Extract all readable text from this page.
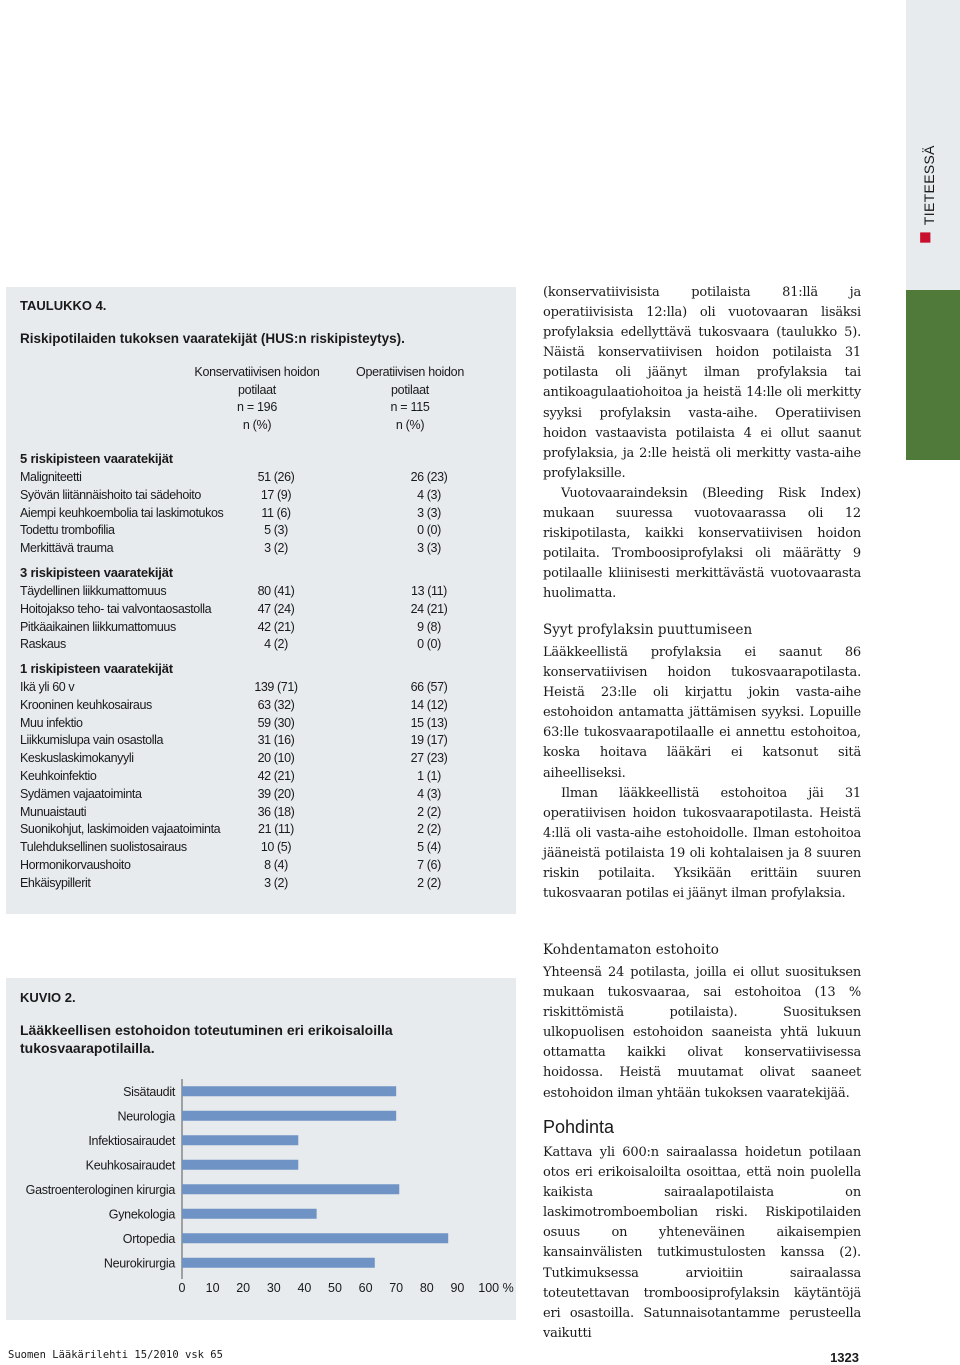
TIETEESSÄ
TAULUKKO 4.
Riskipotilaiden tukoksen vaaratekijät (HUS:n riskipisteytys).
Konservatiivisen hoidon
potilaat
n = 196
n (%)
Operatiivisen hoidon
potilaat
n = 115
n (%)
5 riskipisteen vaaratekijät
Maligniteetti	51 (26)	26 (23)
Syövän liitännäishoito tai sädehoito	17 (9)	4 (3)
Aiempi keuhkoembolia tai laskimotukos	11 (6)	3 (3)
Todettu trombofilia	5 (3)	0 (0)
Merkittävä trauma	3 (2)	3 (3)
3 riskipisteen vaaratekijät
Täydellinen liikkumattomuus	80 (41)	13 (11)
Hoitojakso teho- tai valvontaosastolla	47 (24)	24 (21)
Pitkäaikainen liikkumattomuus	42 (21)	9 (8)
Raskaus	4 (2)	0 (0)
1 riskipisteen vaaratekijät
Ikä yli 60 v	139 (71)	66 (57)
Krooninen keuhkosairaus	63 (32)	14 (12)
Muu infektio	59 (30)	15 (13)
Liikkumislupa vain osastolla	31 (16)	19 (17)
Keskuslaskimokanyyli	20 (10)	27 (23)
Keuhkoinfektio	42 (21)	1 (1)
Sydämen vajaatoiminta	39 (20)	4 (3)
Munuaistauti	36 (18)	2 (2)
Suonikohjut, laskimoiden vajaatoiminta	21 (11)	2 (2)
Tulehduksellinen suolistosairaus	10 (5)	5 (4)
Hormonikorvaushoito	8 (4)	7 (6)
Ehkäisypillerit	3 (2)	2 (2)
KUVIO 2.
Lääkkeellisen estohoidon toteutuminen eri erikoisaloilla
tukosvaarapotilailla.
Sisätaudit
Neurologia
Infektiosairaudet
Keuhkosairaudet
Gastroenterologinen kirurgia
Gynekologia
Ortopedia
Neurokirurgia
0 10 20 30 40 50 60 70 80 90 100 %

(konservatiivisista potilaista 81:llä ja operatiivisista 12:lla) oli vuotovaaran lisäksi profylaksia edellyttävä tukosvaara (taulukko 5). Näistä konservatiivisen hoidon potilaista 31 potilasta oli jäänyt ilman profylaksia tai antikoagulaatiohoitoa ja heistä 14:lle oli merkitty syyksi profylaksin vasta-aihe. Operatiivisen hoidon vastaavista potilaista 4 ei ollut saanut profylaksia, ja 2:lle heistä oli merkitty vasta-aihe profylaksille.

Vuotovaaraindeksin (Bleeding Risk Index) mukaan suuressa vuotovaarassa oli 12 riskipotilasta, kaikki konservatiivisen hoidon potilaita. Tromboosiprofylaksi oli määrätty 9 potilaalle kliinisesti merkittävästä vuotovaarasta huolimatta.

Syyt profylaksin puuttumiseen

Lääkkeellistä profylaksia ei saanut 86 konservatiivisen hoidon tukosvaarapotilasta. Heistä 23:lle oli kirjattu jokin vasta-aihe estohoidon antamatta jättämisen syyksi. Lopuille 63:lle tukosvaarapotilaalle ei annettu estohoitoa, koska hoitava lääkäri ei katsonut sitä aiheelliseksi.

Ilman lääkkeellistä estohoitoa jäi 31 operatiivisen hoidon tukosvaarapotilasta. Heistä 4:llä oli vasta-aihe estohoidolle. Ilman estohoitoa jääneistä potilaista 19 oli kohtalaisen ja 8 suuren riskin potilaita. Yksikään erittäin suuren tukosvaaran potilas ei jäänyt ilman profylaksia.

Kohdentamaton estohoito

Yhteensä 24 potilasta, joilla ei ollut suosituksen mukaan tukosvaaraa, sai estohoitoa (13 % riskittömistä potilaista). Suosituksen ulkopuolisen estohoidon saaneista yhtä lukuun ottamatta kaikki olivat konservatiivisessa hoidossa. Heistä muutamat olivat saaneet estohoidon ilman yhtään tukoksen vaaratekijää.

Pohdinta

Kattava yli 600:n sairaalassa hoidetun potilaan otos eri erikoisaloilta osoittaa, että noin puolella kaikista sairaalapotilaista on laskimotromboembolian riski. Riskipotilaiden osuus on yhteneväinen aikaisempien kansainvälisten tutkimustulosten kanssa (2). Tutkimuksessa arvioitiin sairaalassa toteutettavan tromboosiprofylaksin käytäntöjä eri osastoilla. Satunnaisotantamme perusteella vaikutti

Suomen Lääkärilehti 15/2010 vsk 65	1323
